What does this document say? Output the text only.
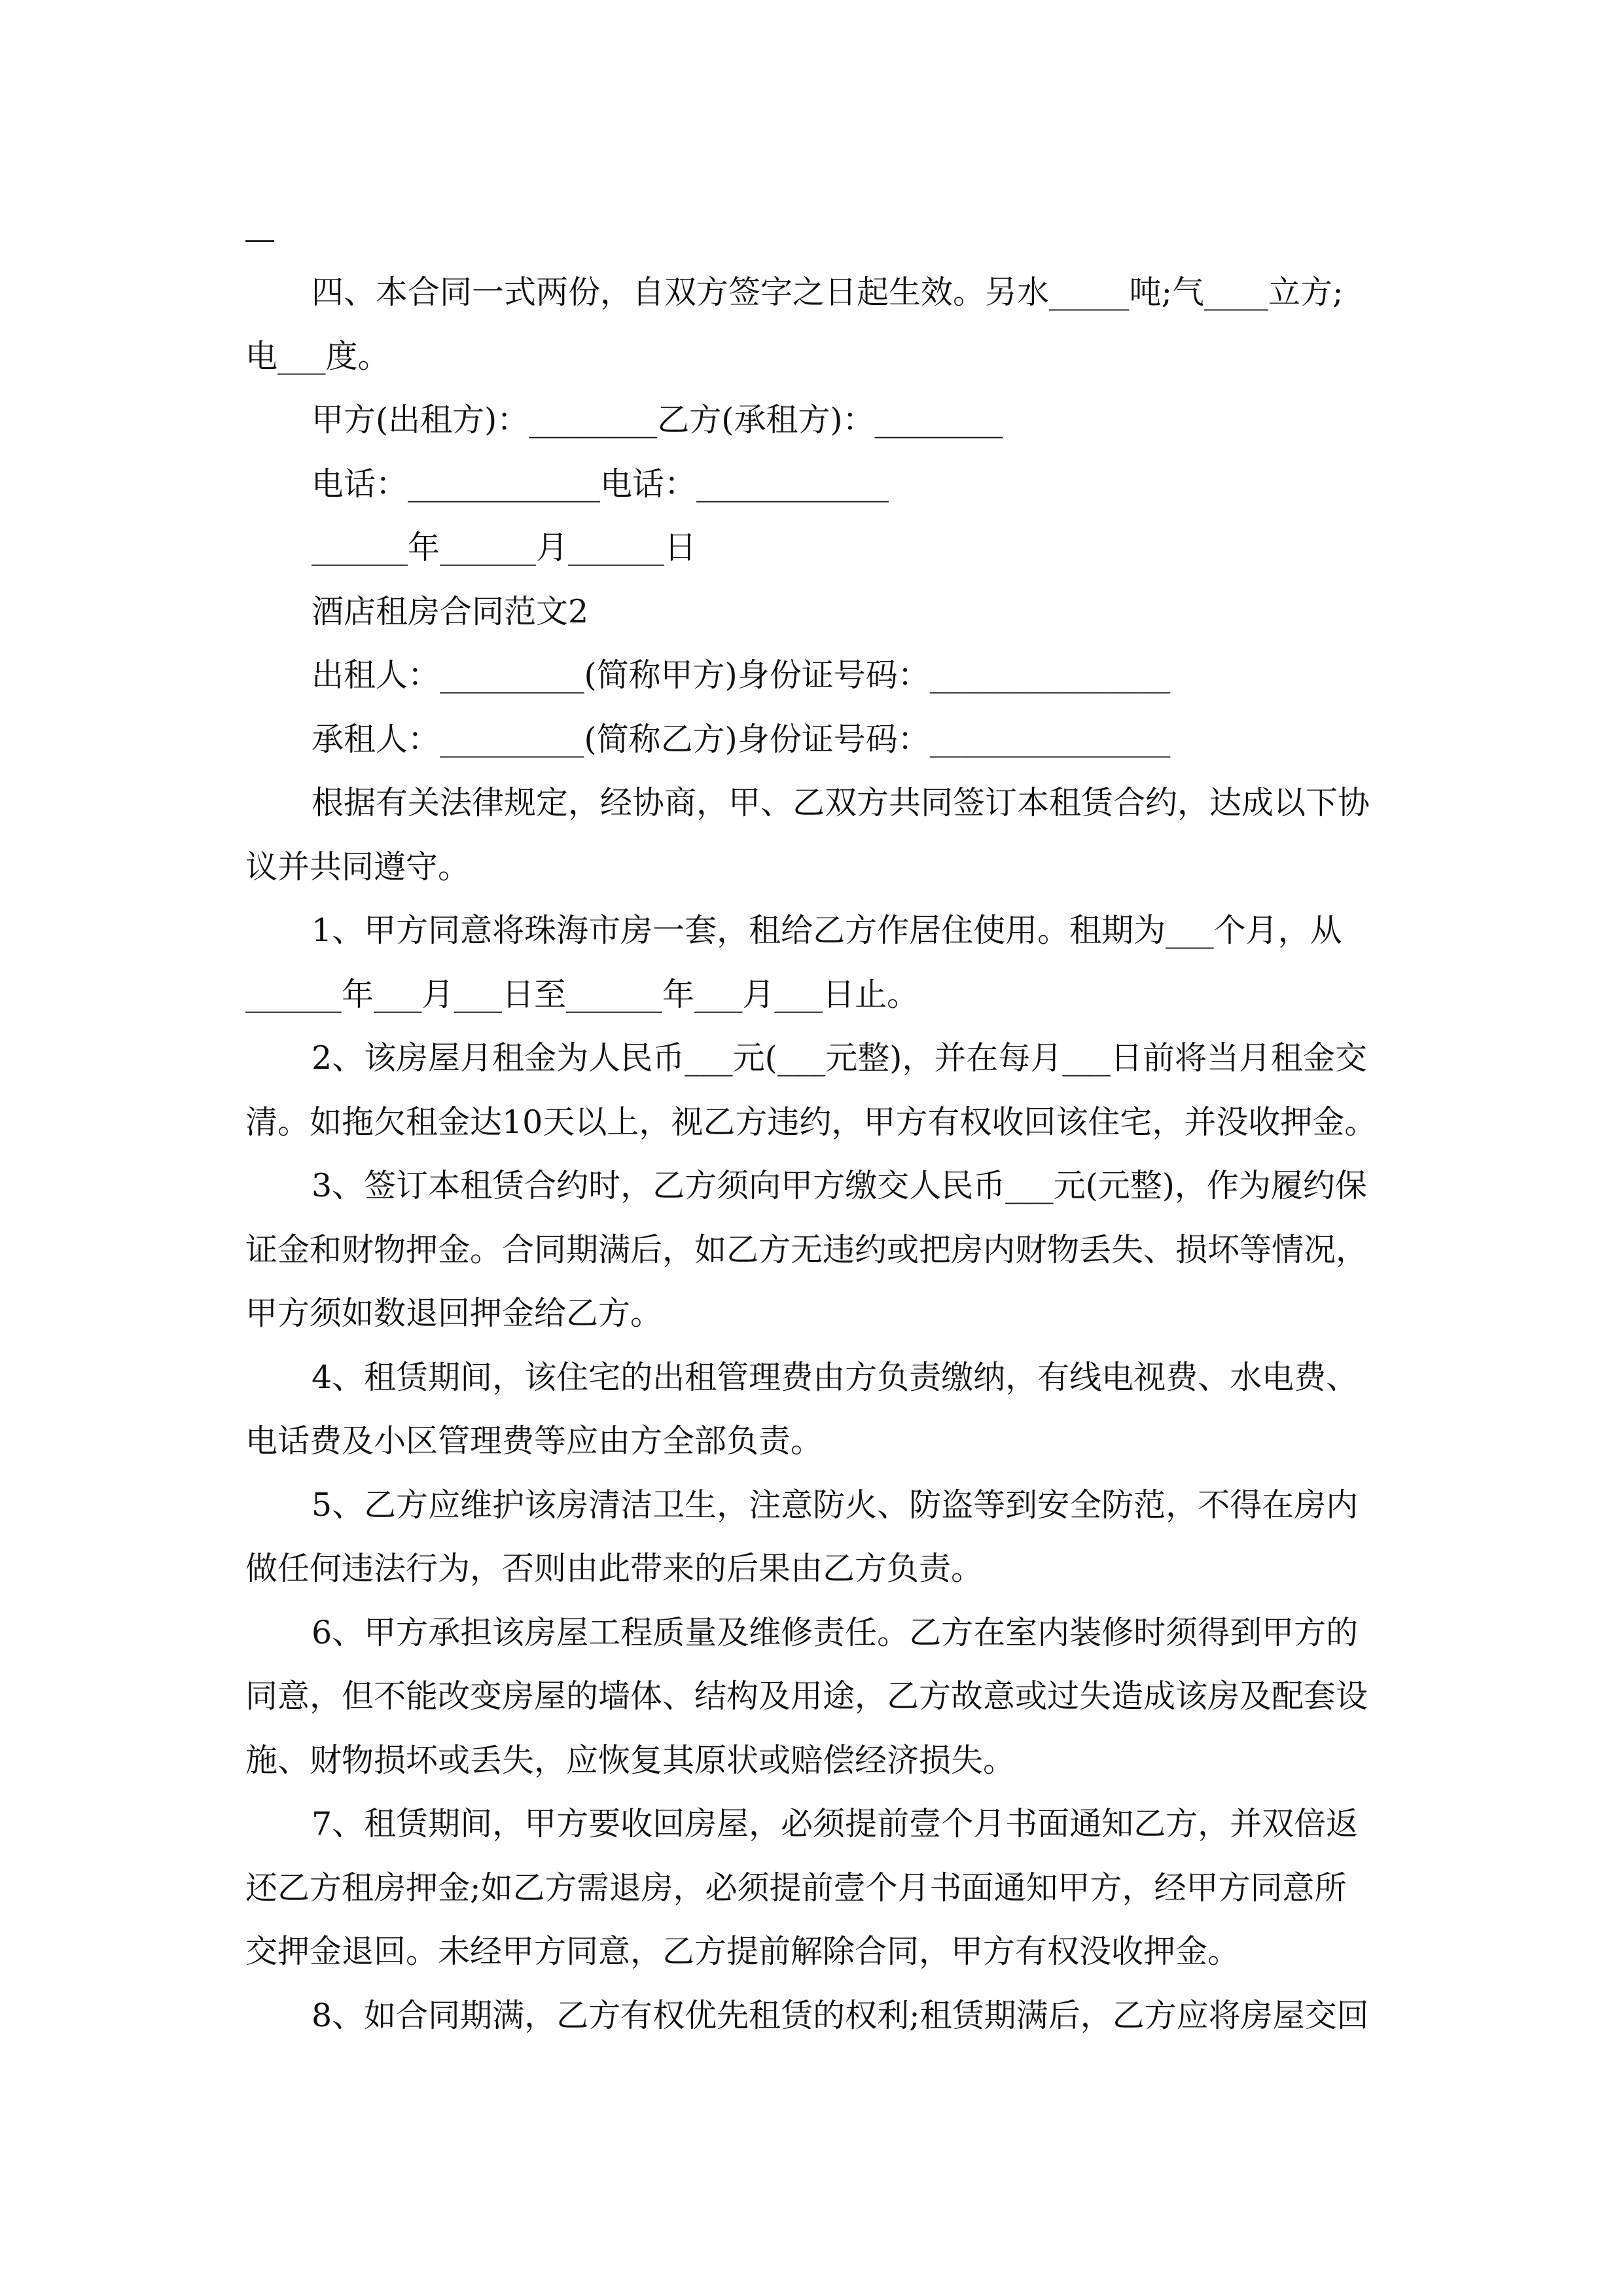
四、本合同一式两份，自双方签字之日起生效。另水_____吨;气____立方;
电___度。
甲方(出租方)：________乙方(承租方)：________
电话：____________电话：____________
______年______月______日
酒店租房合同范文2
出租人：_________(简称甲方)身份证号码：_______________
承租人：_________(简称乙方)身份证号码：_______________
根据有关法律规定，经协商，甲、乙双方共同签订本租赁合约，达成以下协
议并共同遵守。
1、甲方同意将珠海市房一套，租给乙方作居住使用。租期为___个月，从
______年___月___日至______年___月___日止。
2、该房屋月租金为人民币___元(___元整)，并在每月___日前将当月租金交
清。如拖欠租金达10天以上，视乙方违约，甲方有权收回该住宅，并没收押金。
3、签订本租赁合约时，乙方须向甲方缴交人民币___元(元整)，作为履约保
证金和财物押金。合同期满后，如乙方无违约或把房内财物丢失、损坏等情况，
甲方须如数退回押金给乙方。
4、租赁期间，该住宅的出租管理费由方负责缴纳，有线电视费、水电费、
电话费及小区管理费等应由方全部负责。
5、乙方应维护该房清洁卫生，注意防火、防盗等到安全防范，不得在房内
做任何违法行为，否则由此带来的后果由乙方负责。
6、甲方承担该房屋工程质量及维修责任。乙方在室内装修时须得到甲方的
同意，但不能改变房屋的墙体、结构及用途，乙方故意或过失造成该房及配套设
施、财物损坏或丢失，应恢复其原状或赔偿经济损失。
7、租赁期间，甲方要收回房屋，必须提前壹个月书面通知乙方，并双倍返
还乙方租房押金;如乙方需退房，必须提前壹个月书面通知甲方，经甲方同意所
交押金退回。未经甲方同意，乙方提前解除合同，甲方有权没收押金。
8、如合同期满，乙方有权优先租赁的权利;租赁期满后，乙方应将房屋交回
